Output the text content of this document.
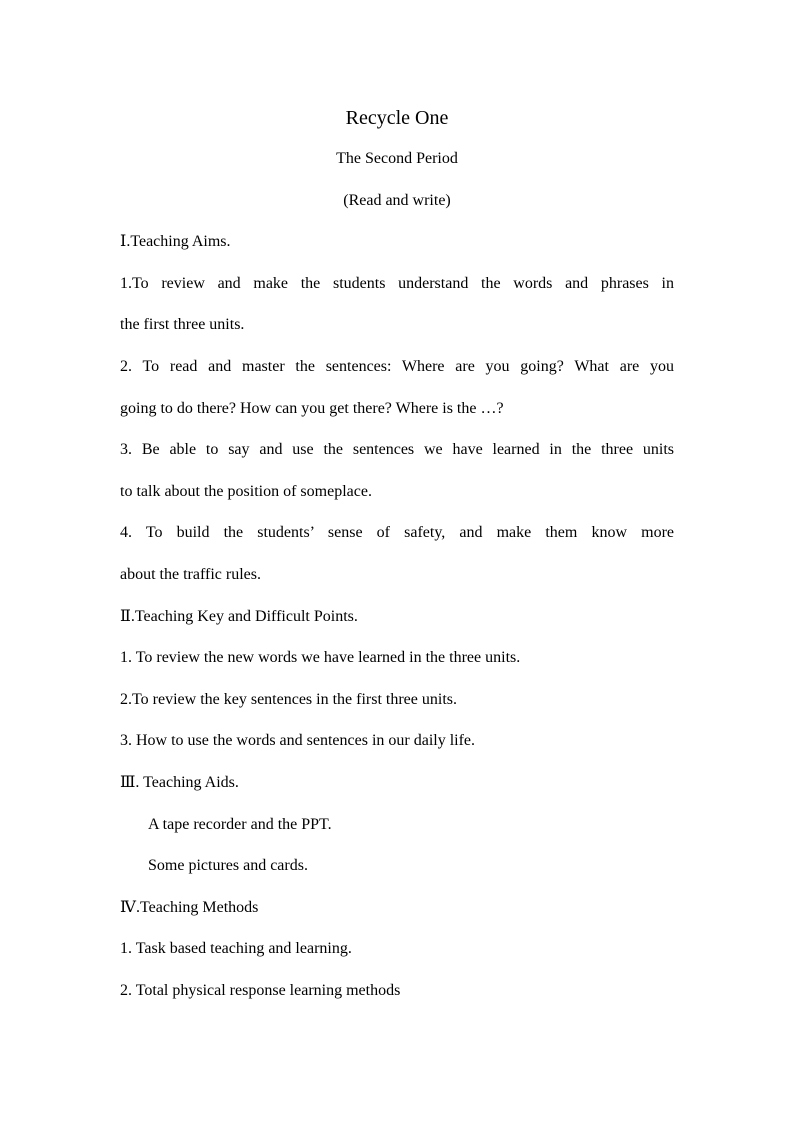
Recycle One
The Second Period
(Read and write)
Ⅰ.Teaching Aims.
1.To review and make the students understand the words and phrases in
the first three units.
2. To read and master the sentences: Where are you going? What are you
going to do there? How can you get there? Where is the …?
3. Be able to say and use the sentences we have learned in the three units
to talk about the position of someplace.
4. To build the students’ sense of safety, and make them know more
about the traffic rules.
Ⅱ.Teaching Key and Difficult Points.
1. To review the new words we have learned in the three units.
2.To review the key sentences in the first three units.
3. How to use the words and sentences in our daily life.
Ⅲ. Teaching Aids.
A tape recorder and the PPT.
Some pictures and cards.
Ⅳ.Teaching Methods
1. Task based teaching and learning.
2. Total physical response learning methods
